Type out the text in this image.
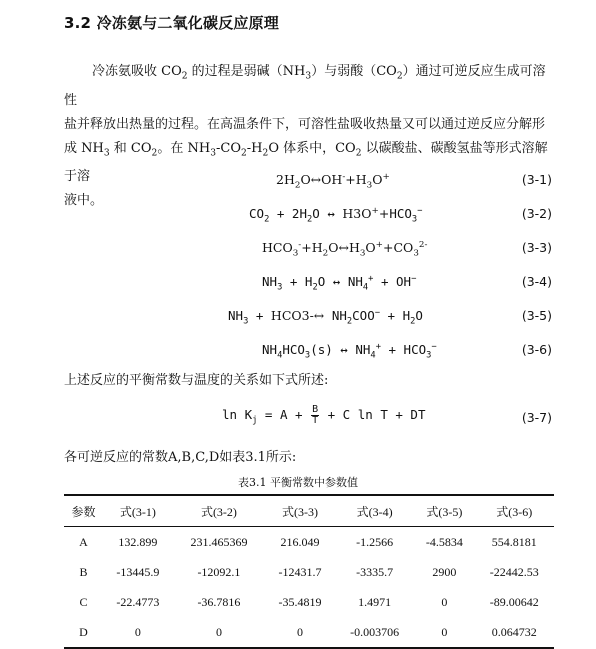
3.2 冷冻氨与二氧化碳反应原理

冷冻氨吸收 $CO_2$ 的过程是弱碱$(NH_3)$与弱酸$(CO_2)$通过可逆反应生成可溶性

盐并释放出热量的过程。在高温条件下，可溶性盐吸收热量又可以通过逆反应分解形

成 $NH_3$ 和 $CO_2$。在 $NH_3-CO_2-H_2O$ 体系中，$CO_2$ 以碳酸盐、碳酸氢盐等形式溶解于溶

液中。

$2H_2O\leftrightarrow OH^-+H_3O^+$	(3-1)
$CO_2 + 2H_2O$ ↔ $H3O^++HCO_3^-$	(3-2)
$HCO_3^-+H_2O\leftrightarrow H_3O^++CO_3^{2-}$	(3-3)
$NH_3 + H_2O$ ↔ $NH_4^+ + OH^-$	(3-4)
$NH_3$ + HCO3-↔ $NH_2COO^- + H_2O$	(3-5)
$NH_4HCO_3(s)$ ↔ $NH_4^+ + HCO_3^-$	(3-6)
上述反应的平衡常数与温度的关系如下式所述:
$\ln K_j = A + \frac{B}{T} + C$ ln T + DT	(3-7)
各可逆反应的常数A,B,C,D如表3.1所示:
表3.1 平衡常数中参数值
参数	式(3-1)	式(3-2)	式(3-3)	式(3-4)	式(3-5)	式(3-6)
A	132.899	231.465369	216.049	-1.2566	-4.5834	554.8181
B	-13445.9	-12092.1	-12431.7	-3335.7	2900	-22442.53
C	-22.4773	-36.7816	-35.4819	1.4971	0	-89.00642
D	0	0	0	-0.003706	0	0.064732
